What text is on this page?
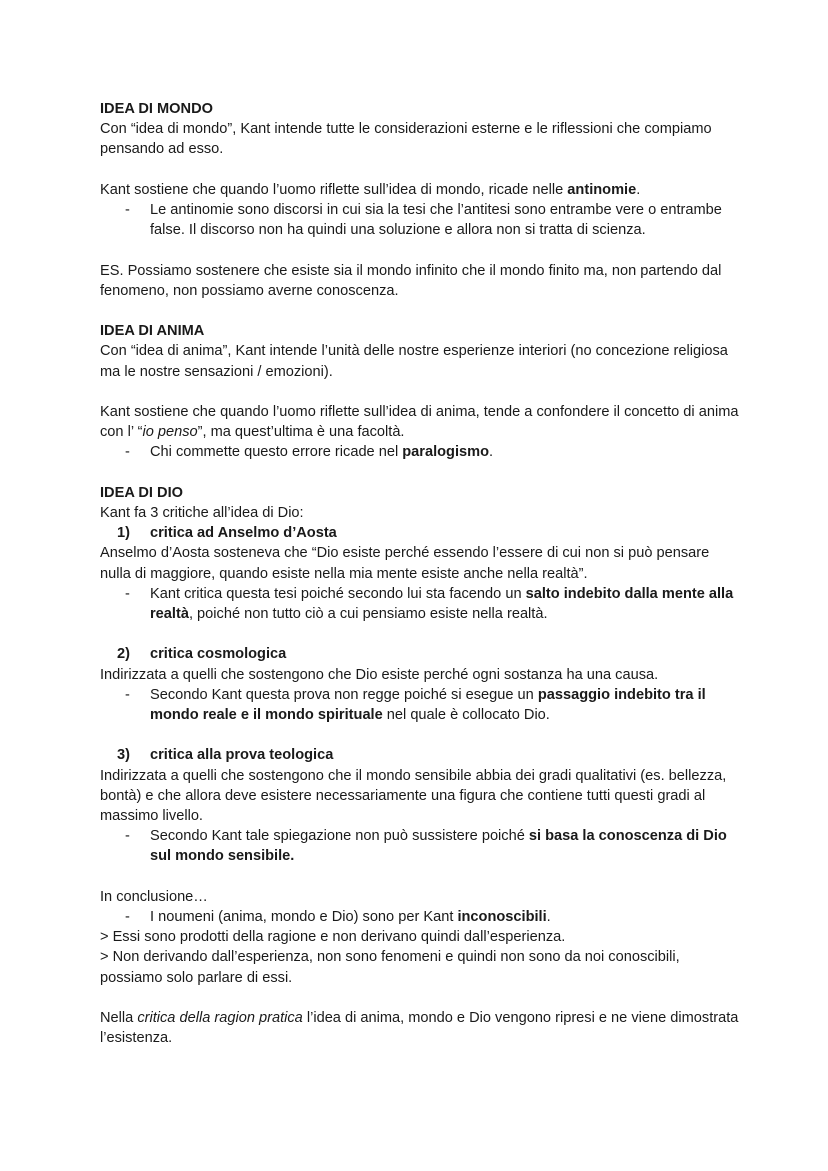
IDEA DI MONDO

Con “idea di mondo”, Kant intende tutte le considerazioni esterne e le riflessioni che compiamo pensando ad esso.

Kant sostiene che quando l’uomo riflette sull’idea di mondo, ricade nelle antinomie.

- Le antinomie sono discorsi in cui sia la tesi che l’antitesi sono entrambe vere o entrambe false. Il discorso non ha quindi una soluzione e allora non si tratta di scienza.

ES. Possiamo sostenere che esiste sia il mondo infinito che il mondo finito ma, non partendo dal fenomeno, non possiamo averne conoscenza.

IDEA DI ANIMA

Con “idea di anima”, Kant intende l’unità delle nostre esperienze interiori (no concezione religiosa ma le nostre sensazioni / emozioni).

Kant sostiene che quando l’uomo riflette sull’idea di anima, tende a confondere il concetto di anima con l’ “io penso”, ma quest’ultima è una facoltà.

- Chi commette questo errore ricade nel paralogismo.

IDEA DI DIO

Kant fa 3 critiche all’idea di Dio:

1) critica ad Anselmo d’Aosta

Anselmo d’Aosta sosteneva che “Dio esiste perché essendo l’essere di cui non si può pensare nulla di maggiore, quando esiste nella mia mente esiste anche nella realtà”.

- Kant critica questa tesi poiché secondo lui sta facendo un salto indebito dalla mente alla realtà, poiché non tutto ciò a cui pensiamo esiste nella realtà.

2) critica cosmologica

Indirizzata a quelli che sostengono che Dio esiste perché ogni sostanza ha una causa.

- Secondo Kant questa prova non regge poiché si esegue un passaggio indebito tra il mondo reale e il mondo spirituale nel quale è collocato Dio.

3) critica alla prova teologica

Indirizzata a quelli che sostengono che il mondo sensibile abbia dei gradi qualitativi (es. bellezza, bontà) e che allora deve esistere necessariamente una figura che contiene tutti questi gradi al massimo livello.

- Secondo Kant tale spiegazione non può sussistere poiché si basa la conoscenza di Dio sul mondo sensibile.

In conclusione…

- I noumeni (anima, mondo e Dio) sono per Kant inconoscibili.

> Essi sono prodotti della ragione e non derivano quindi dall’esperienza.

> Non derivando dall’esperienza, non sono fenomeni e quindi non sono da noi conoscibili, possiamo solo parlare di essi.

Nella critica della ragion pratica l’idea di anima, mondo e Dio vengono ripresi e ne viene dimostrata l’esistenza.
